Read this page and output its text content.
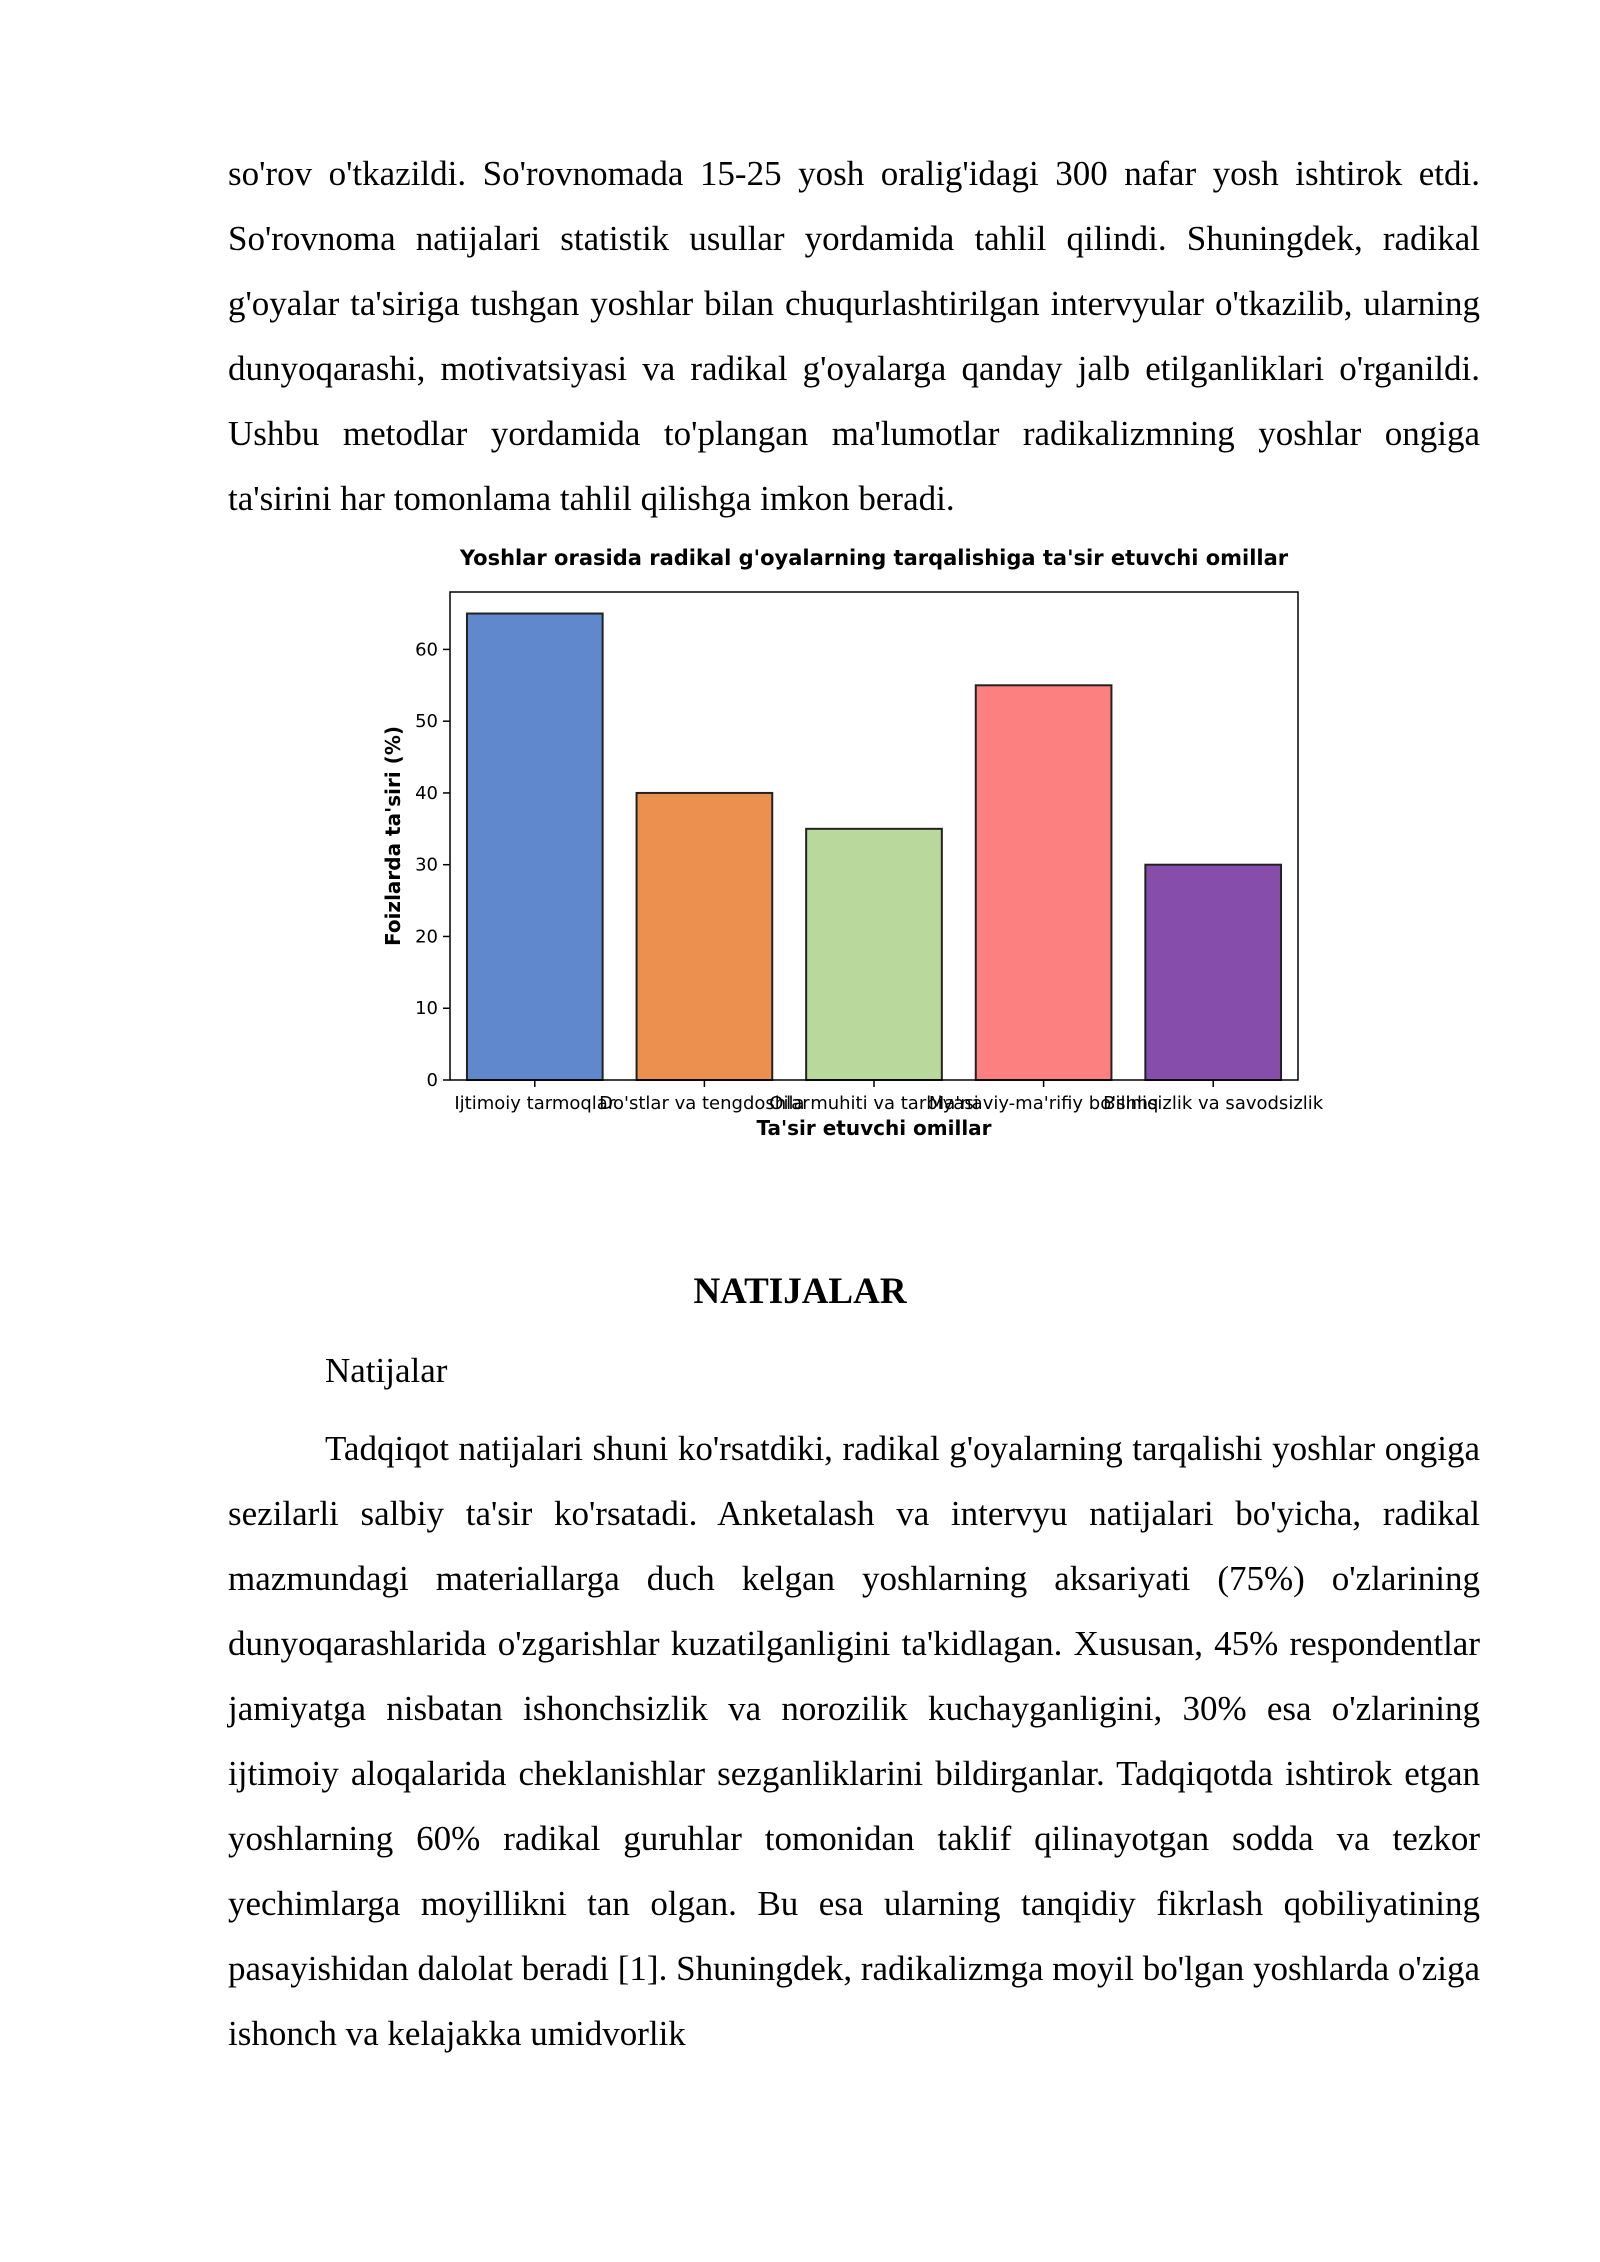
so'rov o'tkazildi. So'rovnomada 15-25 yosh oralig'idagi 300 nafar yosh ishtirok etdi. So'rovnoma natijalari statistik usullar yordamida tahlil qilindi. Shuningdek, radikal g'oyalar ta'siriga tushgan yoshlar bilan chuqurlashtirilgan intervyular o'tkazilib, ularning dunyoqarashi, motivatsiyasi va radikal g'oyalarga qanday jalb etilganliklari o'rganildi. Ushbu metodlar yordamida to'plangan ma'lumotlar radikalizmning yoshlar ongiga ta'sirini har tomonlama tahlil qilishga imkon beradi.

Yoshlar orasida radikal g'oyalarning tarqalishiga ta'sir etuvchi omillar
0
10
20
30
40
50
60
Ijtimoiy tarmoqlar
Do'stlar va tengdoshlar
Oila muhiti va tarbiyasi
Ma'naviy-ma'rifiy bo'shliq
Bilimsizlik va savodsizlik
Ta'sir etuvchi omillar
Foizlarda ta'siri (%)
NATIJALAR

Natijalar

Tadqiqot natijalari shuni ko'rsatdiki, radikal g'oyalarning tarqalishi yoshlar ongiga sezilarli salbiy ta'sir ko'rsatadi. Anketalash va intervyu natijalari bo'yicha, radikal mazmundagi materiallarga duch kelgan yoshlarning aksariyati (75%) o'zlarining dunyoqarashlarida o'zgarishlar kuzatilganligini ta'kidlagan. Xususan, 45% respondentlar jamiyatga nisbatan ishonchsizlik va norozilik kuchayganligini, 30% esa o'zlarining ijtimoiy aloqalarida cheklanishlar sezganliklarini bildirganlar. Tadqiqotda ishtirok etgan yoshlarning 60% radikal guruhlar tomonidan taklif qilinayotgan sodda va tezkor yechimlarga moyillikni tan olgan. Bu esa ularning tanqidiy fikrlash qobiliyatining pasayishidan dalolat beradi [1]. Shuningdek, radikalizmga moyil bo'lgan yoshlarda o'ziga ishonch va kelajakka umidvorlik
